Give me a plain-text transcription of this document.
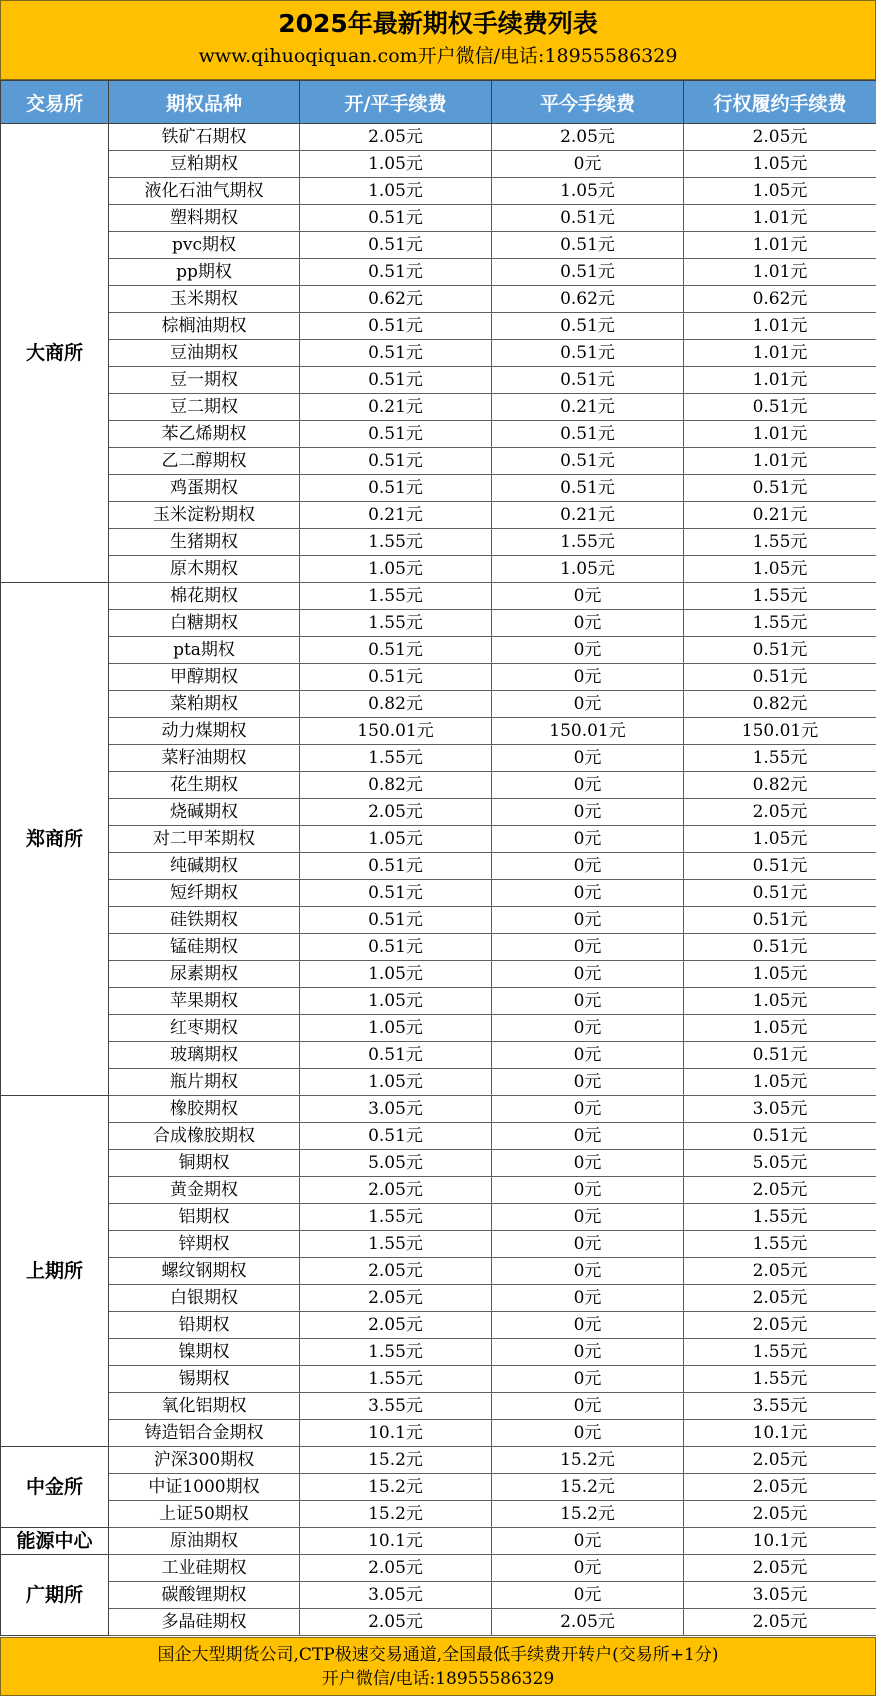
2025年最新期权手续费列表
www.qihuoqiquan.com开户微信/电话:18955586329
交易所	期权品种	开/平手续费	平今手续费	行权履约手续费
大商所	铁矿石期权	2.05元	2.05元	2.05元
	豆粕期权	1.05元	0元	1.05元
	液化石油气期权	1.05元	1.05元	1.05元
	塑料期权	0.51元	0.51元	1.01元
	pvc期权	0.51元	0.51元	1.01元
	pp期权	0.51元	0.51元	1.01元
	玉米期权	0.62元	0.62元	0.62元
	棕榈油期权	0.51元	0.51元	1.01元
	豆油期权	0.51元	0.51元	1.01元
	豆一期权	0.51元	0.51元	1.01元
	豆二期权	0.21元	0.21元	0.51元
	苯乙烯期权	0.51元	0.51元	1.01元
	乙二醇期权	0.51元	0.51元	1.01元
	鸡蛋期权	0.51元	0.51元	0.51元
	玉米淀粉期权	0.21元	0.21元	0.21元
	生猪期权	1.55元	1.55元	1.55元
	原木期权	1.05元	1.05元	1.05元
郑商所	棉花期权	1.55元	0元	1.55元
	白糖期权	1.55元	0元	1.55元
	pta期权	0.51元	0元	0.51元
	甲醇期权	0.51元	0元	0.51元
	菜粕期权	0.82元	0元	0.82元
	动力煤期权	150.01元	150.01元	150.01元
	菜籽油期权	1.55元	0元	1.55元
	花生期权	0.82元	0元	0.82元
	烧碱期权	2.05元	0元	2.05元
	对二甲苯期权	1.05元	0元	1.05元
	纯碱期权	0.51元	0元	0.51元
	短纤期权	0.51元	0元	0.51元
	硅铁期权	0.51元	0元	0.51元
	锰硅期权	0.51元	0元	0.51元
	尿素期权	1.05元	0元	1.05元
	苹果期权	1.05元	0元	1.05元
	红枣期权	1.05元	0元	1.05元
	玻璃期权	0.51元	0元	0.51元
	瓶片期权	1.05元	0元	1.05元
上期所	橡胶期权	3.05元	0元	3.05元
	合成橡胶期权	0.51元	0元	0.51元
	铜期权	5.05元	0元	5.05元
	黄金期权	2.05元	0元	2.05元
	铝期权	1.55元	0元	1.55元
	锌期权	1.55元	0元	1.55元
	螺纹钢期权	2.05元	0元	2.05元
	白银期权	2.05元	0元	2.05元
	铅期权	2.05元	0元	2.05元
	镍期权	1.55元	0元	1.55元
	锡期权	1.55元	0元	1.55元
	氧化铝期权	3.55元	0元	3.55元
	铸造铝合金期权	10.1元	0元	10.1元
中金所	沪深300期权	15.2元	15.2元	2.05元
	中证1000期权	15.2元	15.2元	2.05元
	上证50期权	15.2元	15.2元	2.05元
能源中心	原油期权	10.1元	0元	10.1元
广期所	工业硅期权	2.05元	0元	2.05元
	碳酸锂期权	3.05元	0元	3.05元
	多晶硅期权	2.05元	2.05元	2.05元
国企大型期货公司,CTP极速交易通道,全国最低手续费开转户(交易所+1分)
开户微信/电话:18955586329
